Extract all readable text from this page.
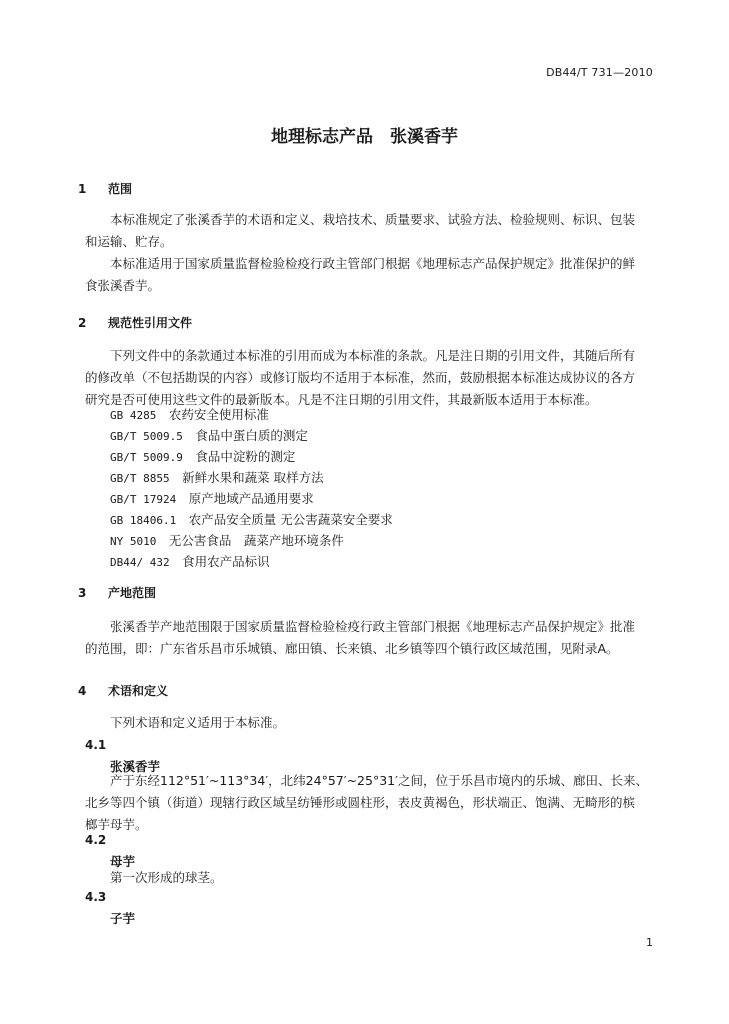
DB44/T 731—2010
地理标志产品　张溪香芋
1 范围
本标准规定了张溪香芋的术语和定义、栽培技术、质量要求、试验方法、检验规则、标识、包装
和运输、贮存。
本标准适用于国家质量监督检验检疫行政主管部门根据《地理标志产品保护规定》批准保护的鲜
食张溪香芋。
2 规范性引用文件
下列文件中的条款通过本标准的引用而成为本标准的条款。凡是注日期的引用文件，其随后所有
的修改单（不包括勘误的内容）或修订版均不适用于本标准，然而，鼓励根据本标准达成协议的各方
研究是否可使用这些文件的最新版本。凡是不注日期的引用文件，其最新版本适用于本标准。
GB 4285　 农药安全使用标准
GB/T 5009.5　 食品中蛋白质的测定
GB/T 5009.9　 食品中淀粉的测定
GB/T 8855　 新鲜水果和蔬菜 取样方法
GB/T 17924　 原产地域产品通用要求
GB 18406.1　 农产品安全质量 无公害蔬菜安全要求
NY 5010　 无公害食品　蔬菜产地环境条件
DB44/ 432　 食用农产品标识
3 产地范围
张溪香芋产地范围限于国家质量监督检验检疫行政主管部门根据《地理标志产品保护规定》批准
的范围，即：广东省乐昌市乐城镇、廊田镇、长来镇、北乡镇等四个镇行政区域范围，见附录A。
4 术语和定义
下列术语和定义适用于本标准。
4.1
张溪香芋
产于东经112°51′~113°34′，北纬24°57′~25°31′之间，位于乐昌市境内的乐城、廊田、长来、
北乡等四个镇（街道）现辖行政区域呈纺锤形或圆柱形，表皮黄褐色，形状端正、饱满、无畸形的槟
榔芋母芋。
4.2
母芋
第一次形成的球茎。
4.3
子芋
1
